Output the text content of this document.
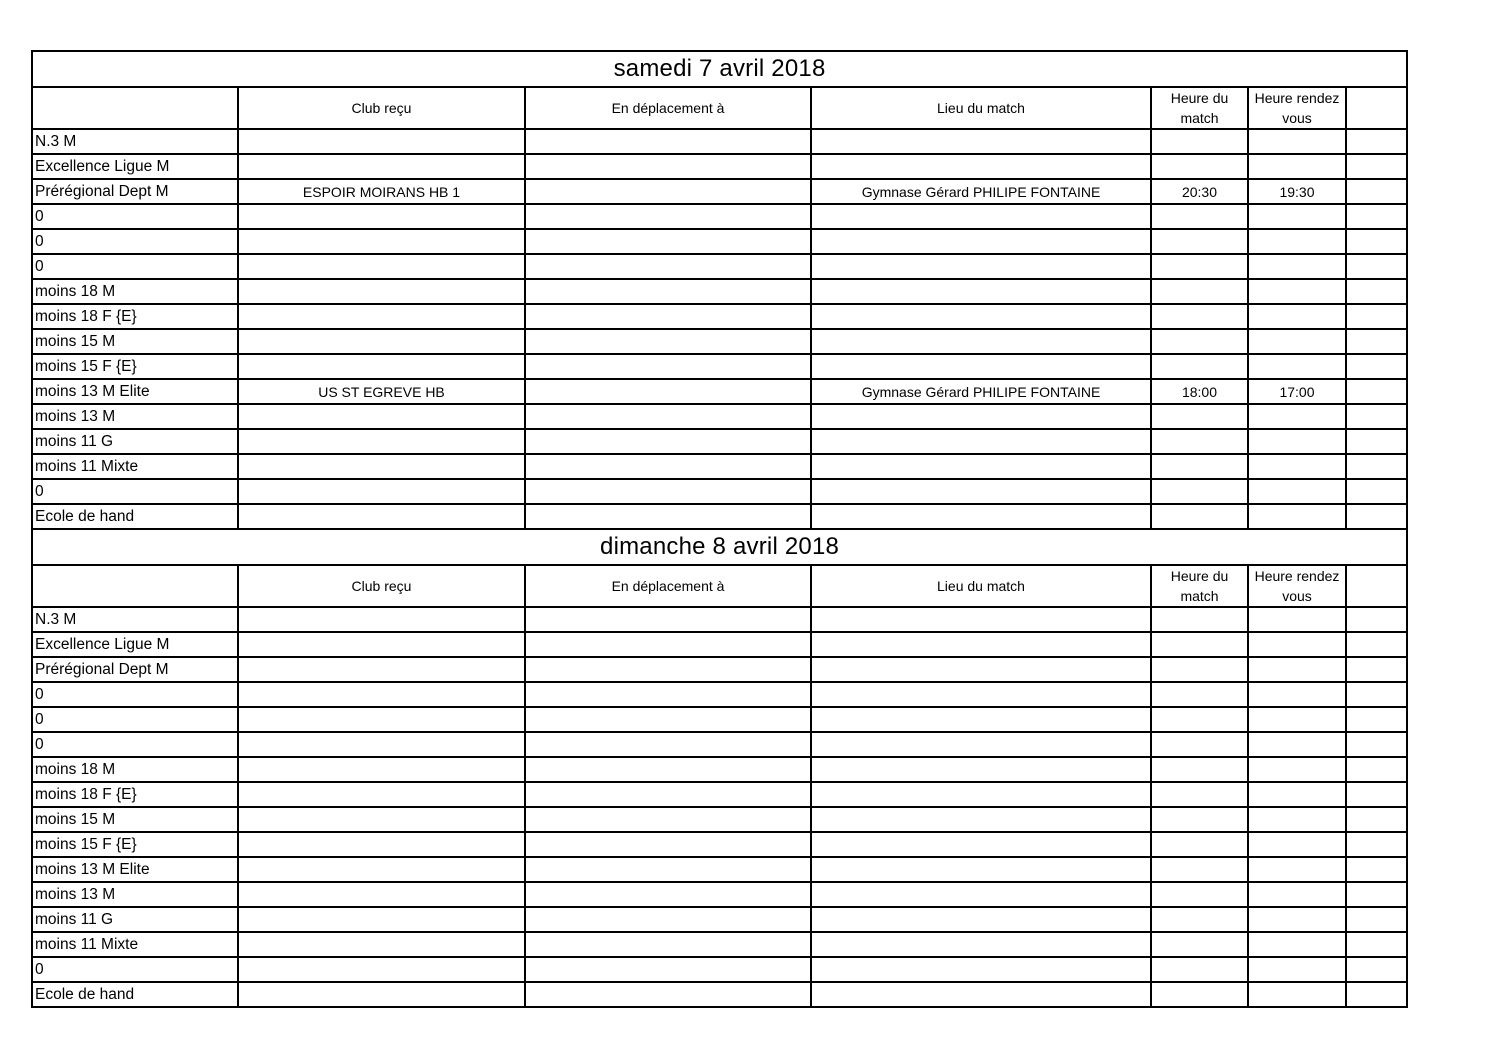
samedi 7 avril 2018						
	Club reçu	En déplacement à	Lieu du match	Heure du match	Heure rendez vous	
N.3 M						
Excellence Ligue M						
Prérégional Dept M	ESPOIR MOIRANS HB 1		Gymnase Gérard PHILIPE FONTAINE	20:30	19:30	
0						
0						
0						
moins 18 M						
moins 18 F {E}						
moins 15 M						
moins 15 F {E}						
moins 13 M Elite	US ST EGREVE HB		Gymnase Gérard PHILIPE FONTAINE	18:00	17:00	
moins 13 M						
moins 11 G						
moins 11 Mixte						
0						
Ecole de hand						
dimanche 8 avril 2018						
	Club reçu	En déplacement à	Lieu du match	Heure du match	Heure rendez vous	
N.3 M						
Excellence Ligue M						
Prérégional Dept M						
0						
0						
0						
moins 18 M						
moins 18 F {E}						
moins 15 M						
moins 15 F {E}						
moins 13 M Elite						
moins 13 M						
moins 11 G						
moins 11 Mixte						
0						
Ecole de hand						
